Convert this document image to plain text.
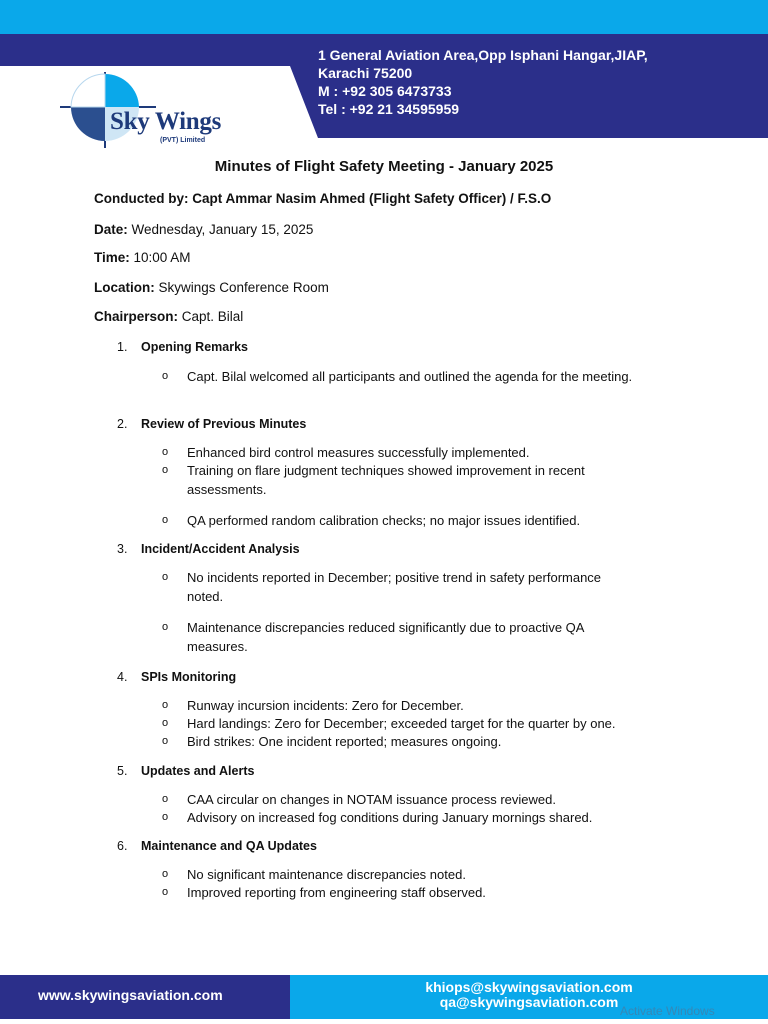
1 General Aviation Area,Opp Isphani Hangar,JIAP,
Karachi 75200
M : +92 305 6473733
Tel : +92 21 34595959
Sky Wings
(PVT) Limited
Minutes of Flight Safety Meeting - January 2025
Conducted by: Capt Ammar Nasim Ahmed (Flight Safety Officer) / F.S.O
Date: Wednesday, January 15, 2025
Time: 10:00 AM
Location: Skywings Conference Room
Chairperson: Capt. Bilal
1. Opening Remarks
o Capt. Bilal welcomed all participants and outlined the agenda for the meeting.
2. Review of Previous Minutes
o Enhanced bird control measures successfully implemented.
o Training on flare judgment techniques showed improvement in recent assessments.
o QA performed random calibration checks; no major issues identified.
3. Incident/Accident Analysis
o No incidents reported in December; positive trend in safety performance noted.
o Maintenance discrepancies reduced significantly due to proactive QA measures.
4. SPIs Monitoring
o Runway incursion incidents: Zero for December.
o Hard landings: Zero for December; exceeded target for the quarter by one.
o Bird strikes: One incident reported; measures ongoing.
5. Updates and Alerts
o CAA circular on changes in NOTAM issuance process reviewed.
o Advisory on increased fog conditions during January mornings shared.
6. Maintenance and QA Updates
o No significant maintenance discrepancies noted.
o Improved reporting from engineering staff observed.
www.skywingsaviation.com	khiops@skywingsaviation.com
qa@skywingsaviation.com
Activate Windows
